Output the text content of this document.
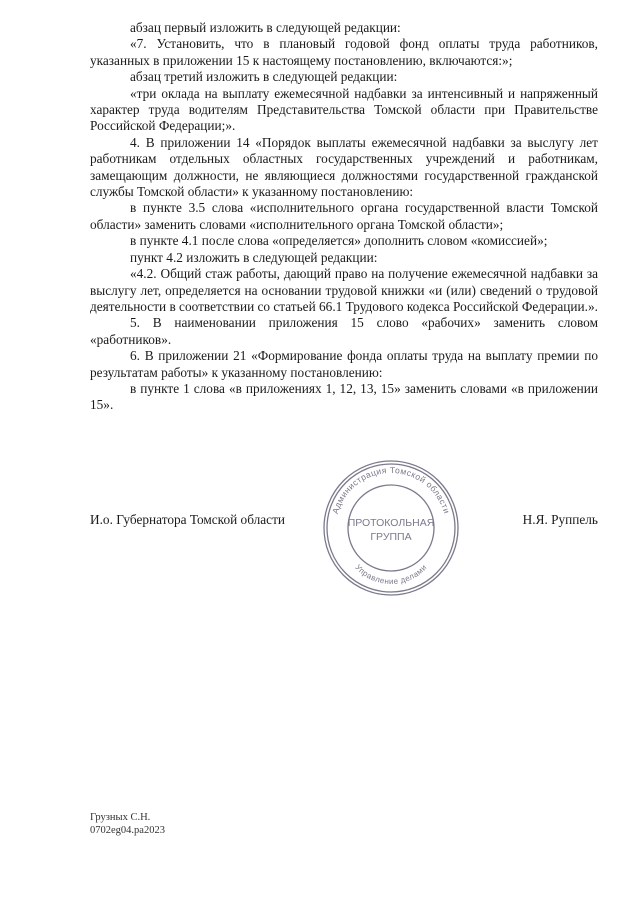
абзац первый изложить в следующей редакции:

«7. Установить, что в плановый годовой фонд оплаты труда работников, указанных в приложении 15 к настоящему постановлению, включаются:»;

абзац третий изложить в следующей редакции:

«три оклада на выплату ежемесячной надбавки за интенсивный и напряженный характер труда водителям Представительства Томской области при Правительстве Российской Федерации;».

4. В приложении 14 «Порядок выплаты ежемесячной надбавки за выслугу лет работникам отдельных областных государственных учреждений и работникам, замещающим должности, не являющиеся должностями государственной гражданской службы Томской области» к указанному постановлению:

в пункте 3.5 слова «исполнительного органа государственной власти Томской области» заменить словами «исполнительного органа Томской области»;

в пункте 4.1 после слова «определяется» дополнить словом «комиссией»;

пункт 4.2 изложить в следующей редакции:

«4.2. Общий стаж работы, дающий право на получение ежемесячной надбавки за выслугу лет, определяется на основании трудовой книжки «и (или) сведений о трудовой деятельности в соответствии со статьей 66.1 Трудового кодекса Российской Федерации.».

5. В наименовании приложения 15 слово «рабочих» заменить словом «работников».

6. В приложении 21 «Формирование фонда оплаты труда на выплату премии по результатам работы» к указанному постановлению:

в пункте 1 слова «в приложениях 1, 12, 13, 15» заменить словами «в приложении 15».

И.о. Губернатора Томской области	Н.Я. Руппель
Администрация Томской области
Управление делами
ПРОТОКОЛЬНАЯ
ГРУППА
Грузных С.Н.
0702eg04.ра2023
